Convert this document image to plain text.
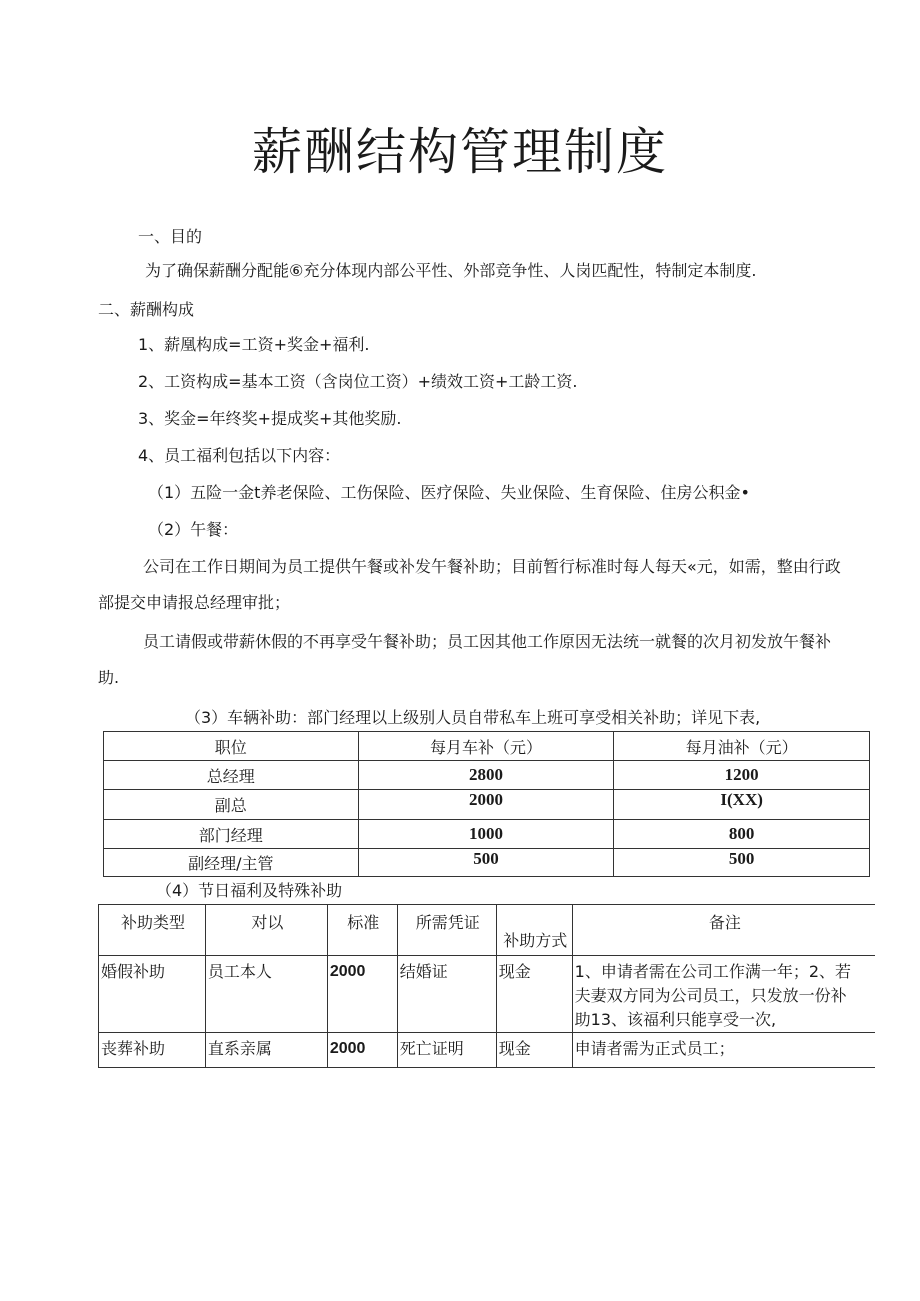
薪酬结构管理制度
一、目的
为了确保薪酬分配能⑥充分体现内部公平性、外部竞争性、人岗匹配性，特制定本制度.
二、薪酬构成
1、薪凰构成=工资+奖金+福利.
2、工资构成=基本工资（含岗位工资）+绩效工资+工龄工资.
3、奖金=年终奖+提成奖+其他奖励.
4、员工福利包括以下内容：
（1）五险一金t养老保险、工伤保险、医疗保险、失业保险、生育保险、住房公积金•
（2）午餐：
公司在工作日期间为员工提供午餐或补发午餐补助；目前暂行标准时每人每天«元，如需，整由行政
部提交申请报总经理审批；
员工请假或带薪休假的不再享受午餐补助；员工因其他工作原因无法统一就餐的次月初发放午餐补
助.
（3）车辆补助：部门经理以上级别人员自带私车上班可享受相关补助；详见下表,
职位	每月车补（元）	每月油补（元）
总经理	2800	1200
副总	2000	I(XX)
部门经理	1000	800
副经理/主管	500	500
（4）节日福利及特殊补助
补助类型	对以	标准	所需凭证	补助方式	备注
婚假补助	员工本人	2000	结婚证	现金	1、申请者需在公司工作满一年；2、若
夫妻双方同为公司员工，只发放一份补
助13、该福利只能享受一次,

丧葬补助	直系亲属	2000	死亡证明	现金	申请者需为正式员工；
